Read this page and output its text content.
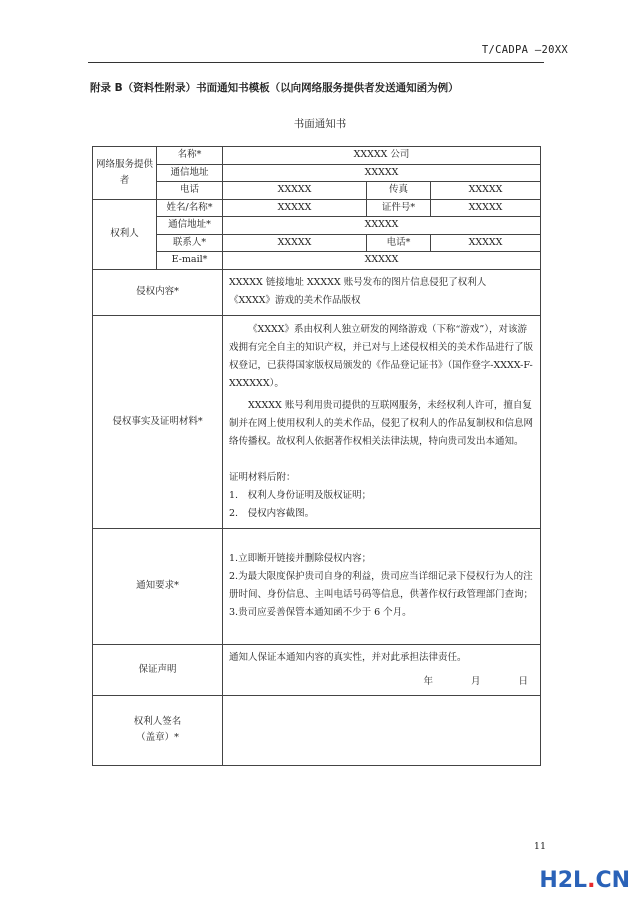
T/CADPA —20XX
附录 B（资料性附录）书面通知书模板（以向网络服务提供者发送通知函为例）
书面通知书
网络服务提供者	名称*	XXXXX 公司		
	通信地址	XXXXX		
	电话	XXXXX	传真	XXXXX
权利人	姓名/名称*	XXXXX	证件号*	XXXXX
	通信地址*	XXXXX		
	联系人*	XXXXX	电话*	XXXXX
	E-mail*	XXXXX		
侵权内容*		XXXXX 链接地址 XXXXX 账号发布的图片信息侵犯了权利人

《XXXX》游戏的美术作品版权		

侵权事实及证明材料*		《XXXX》系由权利人独立研发的网络游戏（下称“游戏”），对该游戏拥有完全自主的知识产权，并已对与上述侵权相关的美术作品进行了版权登记，已获得国家版权局颁发的《作品登记证书》（国作登字-XXXX-F-XXXXXX）。

XXXXX 账号利用贵司提供的互联网服务，未经权利人许可，擅自复制并在网上使用权利人的美术作品，侵犯了权利人的作品复制权和信息网络传播权。故权利人依据著作权相关法律法规，特向贵司发出本通知。

证明材料后附：

1.　权利人身份证明及版权证明；

2.　侵权内容截图。		

通知要求*		1.立即断开链接并删除侵权内容；

2.为最大限度保护贵司自身的利益，贵司应当详细记录下侵权行为人的注册时间、身份信息、主叫电话号码等信息，供著作权行政管理部门查询；

3.贵司应妥善保管本通知函不少于 6 个月。		

保证声明		通知人保证本通知内容的真实性，并对此承担法律责任。

年 月 日		

权利人签名
（盖章）*				

11
H2L.CN
